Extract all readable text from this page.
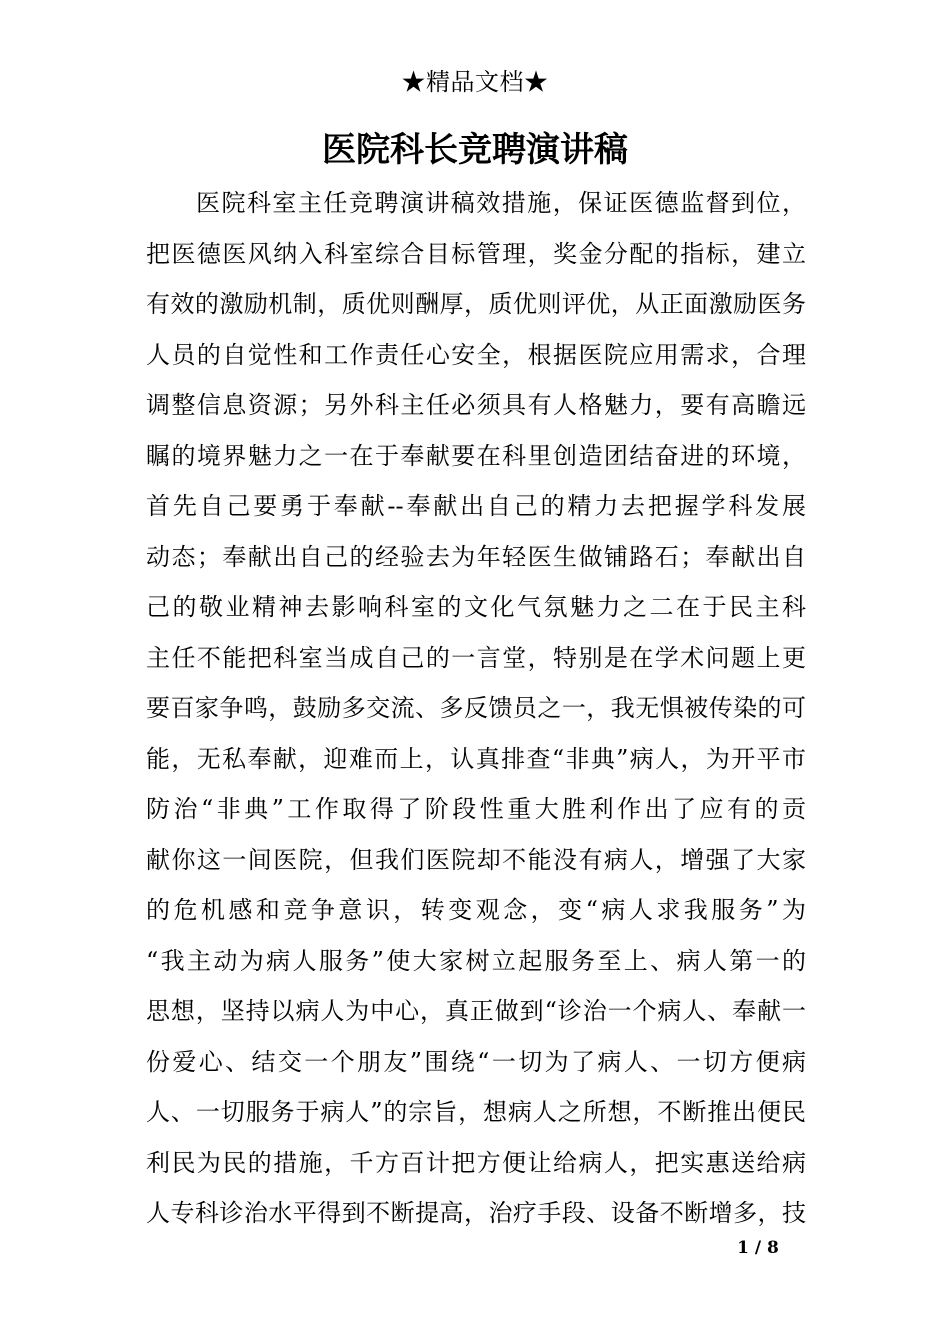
★精品文档★
医院科长竞聘演讲稿
医院科室主任竞聘演讲稿效措施，保证医德监督到位，
把医德医风纳入科室综合目标管理，奖金分配的指标，建立
有效的激励机制，质优则酬厚，质优则评优，从正面激励医务
人员的自觉性和工作责任心安全，根据医院应用需求，合理
调整信息资源；另外科主任必须具有人格魅力，要有高瞻远
瞩的境界魅力之一在于奉献要在科里创造团结奋进的环境，
首先自己要勇于奉献--奉献出自己的精力去把握学科发展
动态；奉献出自己的经验去为年轻医生做铺路石；奉献出自
己的敬业精神去影响科室的文化气氛魅力之二在于民主科
主任不能把科室当成自己的一言堂，特别是在学术问题上更
要百家争鸣，鼓励多交流、多反馈员之一，我无惧被传染的可
能，无私奉献，迎难而上，认真排查“非典”病人，为开平市
防治“非典”工作取得了阶段性重大胜利作出了应有的贡
献你这一间医院，但我们医院却不能没有病人，增强了大家
的危机感和竞争意识，转变观念，变“病人求我服务”为
“我主动为病人服务”使大家树立起服务至上、病人第一的
思想，坚持以病人为中心，真正做到“诊治一个病人、奉献一
份爱心、结交一个朋友”围绕“一切为了病人、一切方便病
人、一切服务于病人”的宗旨，想病人之所想，不断推出便民
利民为民的措施，千方百计把方便让给病人，把实惠送给病
人专科诊治水平得到不断提高，治疗手段、设备不断增多，技
1 / 8
